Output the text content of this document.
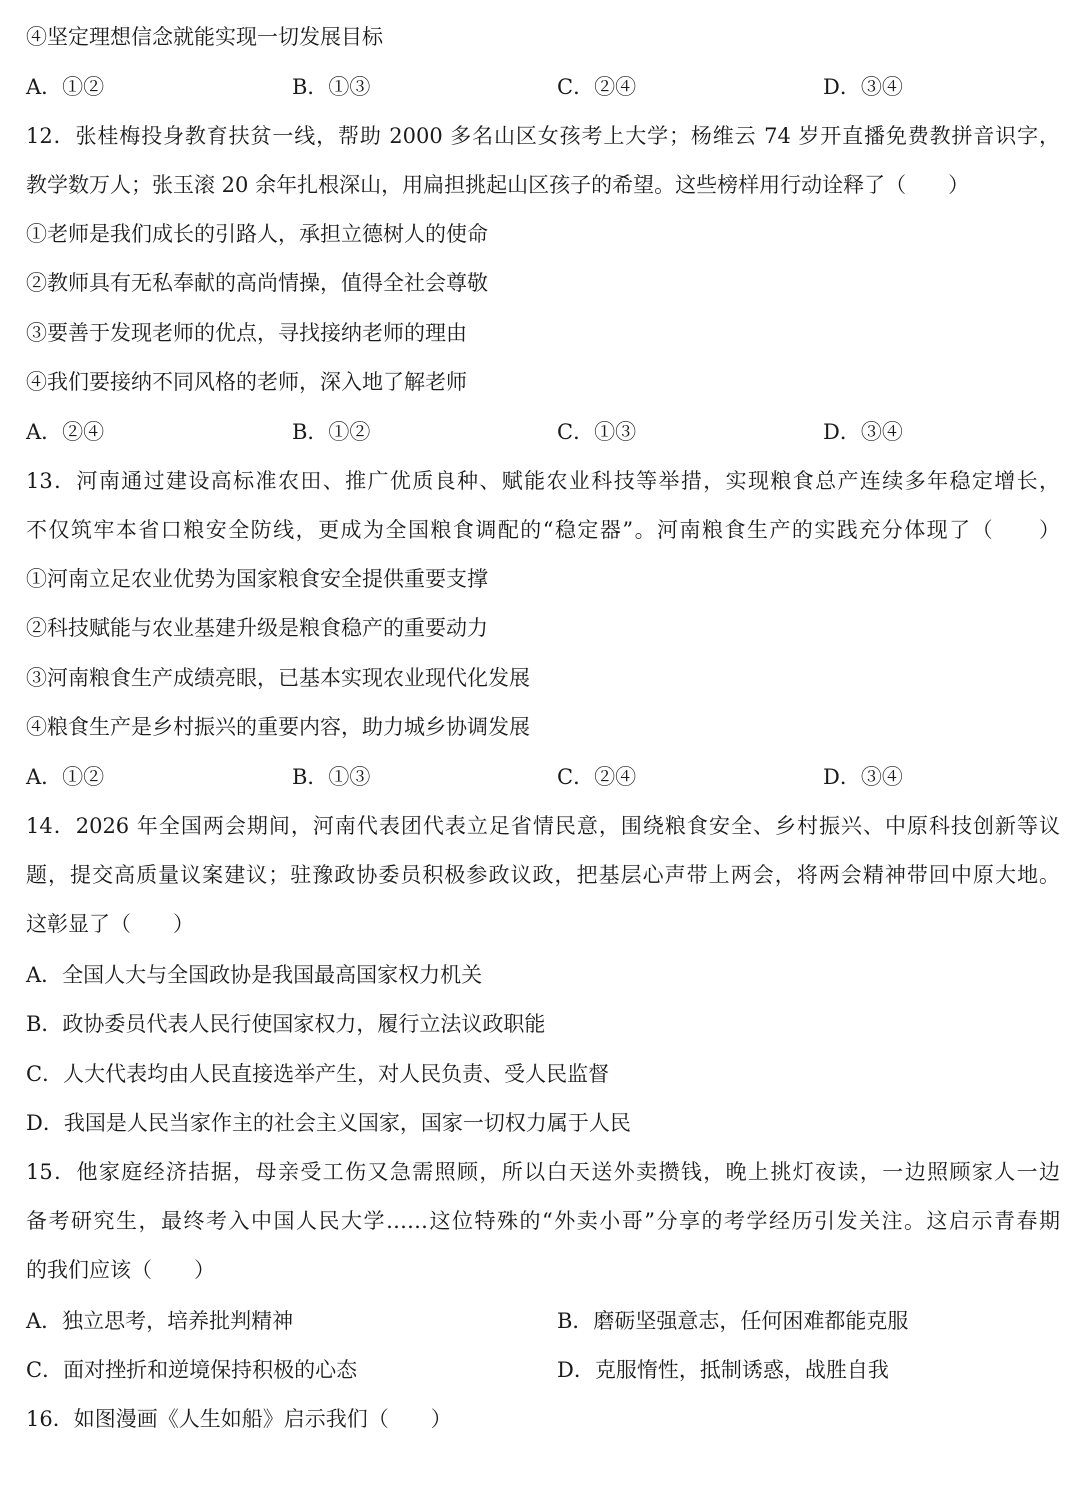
④坚定理想信念就能实现一切发展目标
A．①②	B．①③	C．②④	D．③④
12．张桂梅投身教育扶贫一线，帮助 2000 多名山区女孩考上大学；杨维云 74 岁开直播免费教拼音识字，
教学数万人；张玉滚 20 余年扎根深山，用扁担挑起山区孩子的希望。这些榜样用行动诠释了（　　）
①老师是我们成长的引路人，承担立德树人的使命
②教师具有无私奉献的高尚情操，值得全社会尊敬
③要善于发现老师的优点，寻找接纳老师的理由
④我们要接纳不同风格的老师，深入地了解老师
A．②④	B．①②	C．①③	D．③④
13．河南通过建设高标准农田、推广优质良种、赋能农业科技等举措，实现粮食总产连续多年稳定增长，
不仅筑牢本省口粮安全防线，更成为全国粮食调配的“稳定器”。河南粮食生产的实践充分体现了（　　）
①河南立足农业优势为国家粮食安全提供重要支撑
②科技赋能与农业基建升级是粮食稳产的重要动力
③河南粮食生产成绩亮眼，已基本实现农业现代化发展
④粮食生产是乡村振兴的重要内容，助力城乡协调发展
A．①②	B．①③	C．②④	D．③④
14．2026 年全国两会期间，河南代表团代表立足省情民意，围绕粮食安全、乡村振兴、中原科技创新等议
题，提交高质量议案建议；驻豫政协委员积极参政议政，把基层心声带上两会，将两会精神带回中原大地。
这彰显了（　　）
A．全国人大与全国政协是我国最高国家权力机关
B．政协委员代表人民行使国家权力，履行立法议政职能
C．人大代表均由人民直接选举产生，对人民负责、受人民监督
D．我国是人民当家作主的社会主义国家，国家一切权力属于人民
15．他家庭经济拮据，母亲受工伤又急需照顾，所以白天送外卖攒钱，晚上挑灯夜读，一边照顾家人一边
备考研究生，最终考入中国人民大学……这位特殊的“外卖小哥”分享的考学经历引发关注。这启示青春期
的我们应该（　　）
A．独立思考，培养批判精神	B．磨砺坚强意志，任何困难都能克服
C．面对挫折和逆境保持积极的心态	D．克服惰性，抵制诱惑，战胜自我
16．如图漫画《人生如船》启示我们（　　）
